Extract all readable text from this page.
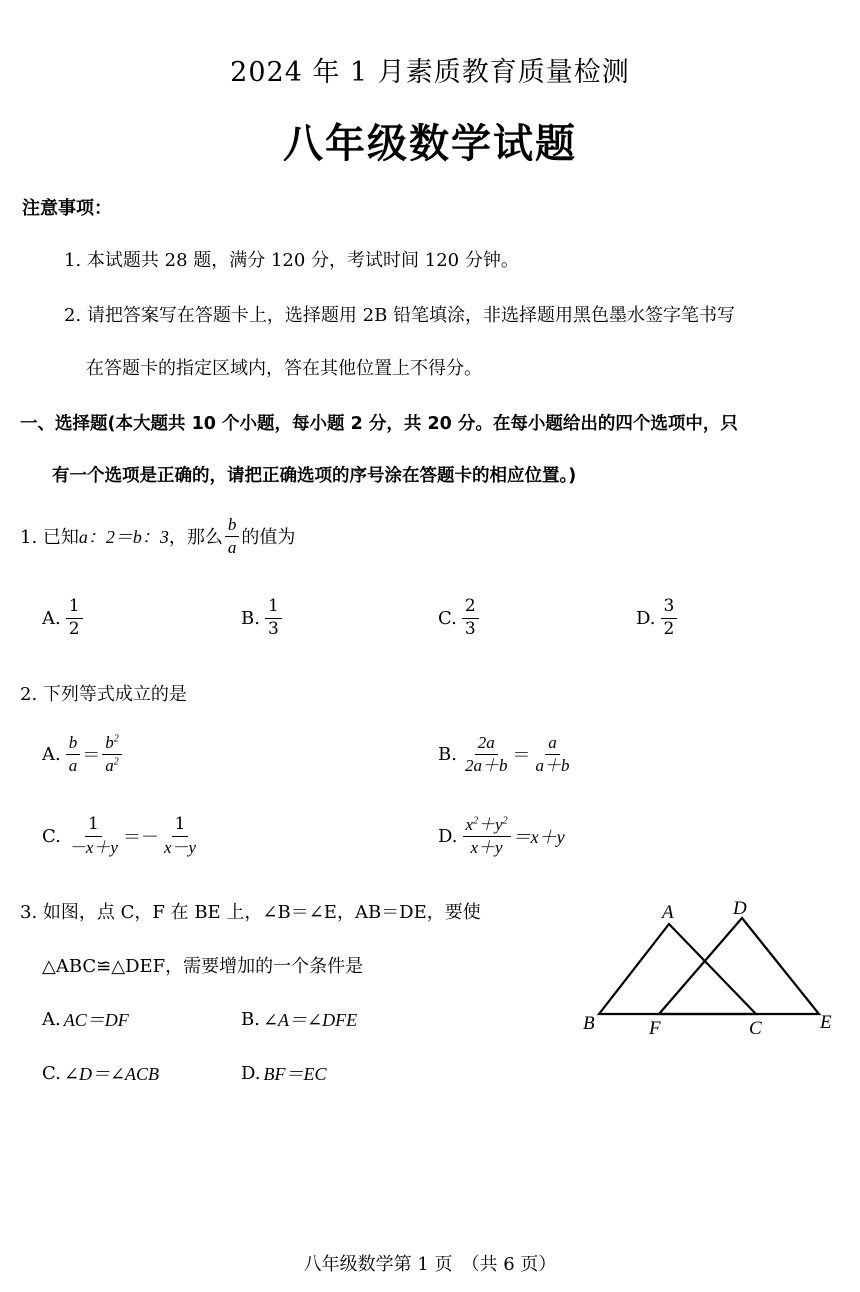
2024 年 1 月素质教育质量检测
八年级数学试题
注意事项：
1. 本试题共 28 题，满分 120 分，考试时间 120 分钟。
2. 请把答案写在答题卡上，选择题用 2B 铅笔填涂，非选择题用黑色墨水签字笔书写
在答题卡的指定区域内，答在其他位置上不得分。
一、选择题(本大题共 10 个小题，每小题 2 分，共 20 分。在每小题给出的四个选项中，只
有一个选项是正确的，请把正确选项的序号涂在答题卡的相应位置。)
1. 已知 a：2＝b：3 ，那么 $\frac{b}{a}$ 的值为
A. $\frac{1}{2}$	B. $\frac{1}{3}$	C. $\frac{2}{3}$	D. $\frac{3}{2}$
2. 下列等式成立的是
A. $\frac{b}{a} = \frac{b^2}{a^2}$	B. $\frac{2a}{2a+b} = \frac{a}{a+b}$
C. $\frac{1}{-x+y} =- \frac{1}{x-y}$	D. $\frac{x^2+y^2}{x+y} =x+y$
3. 如图，点 C，F 在 BE 上，∠B＝∠E，AB＝DE，要使
△ABC≌△DEF，需要增加的一个条件是
A. AC＝DF	B. ∠A＝∠DFE
C. ∠D＝∠ACB	D. BF＝EC
A	D
B	F	C	E
八年级数学第 1 页　（共 6 页）
